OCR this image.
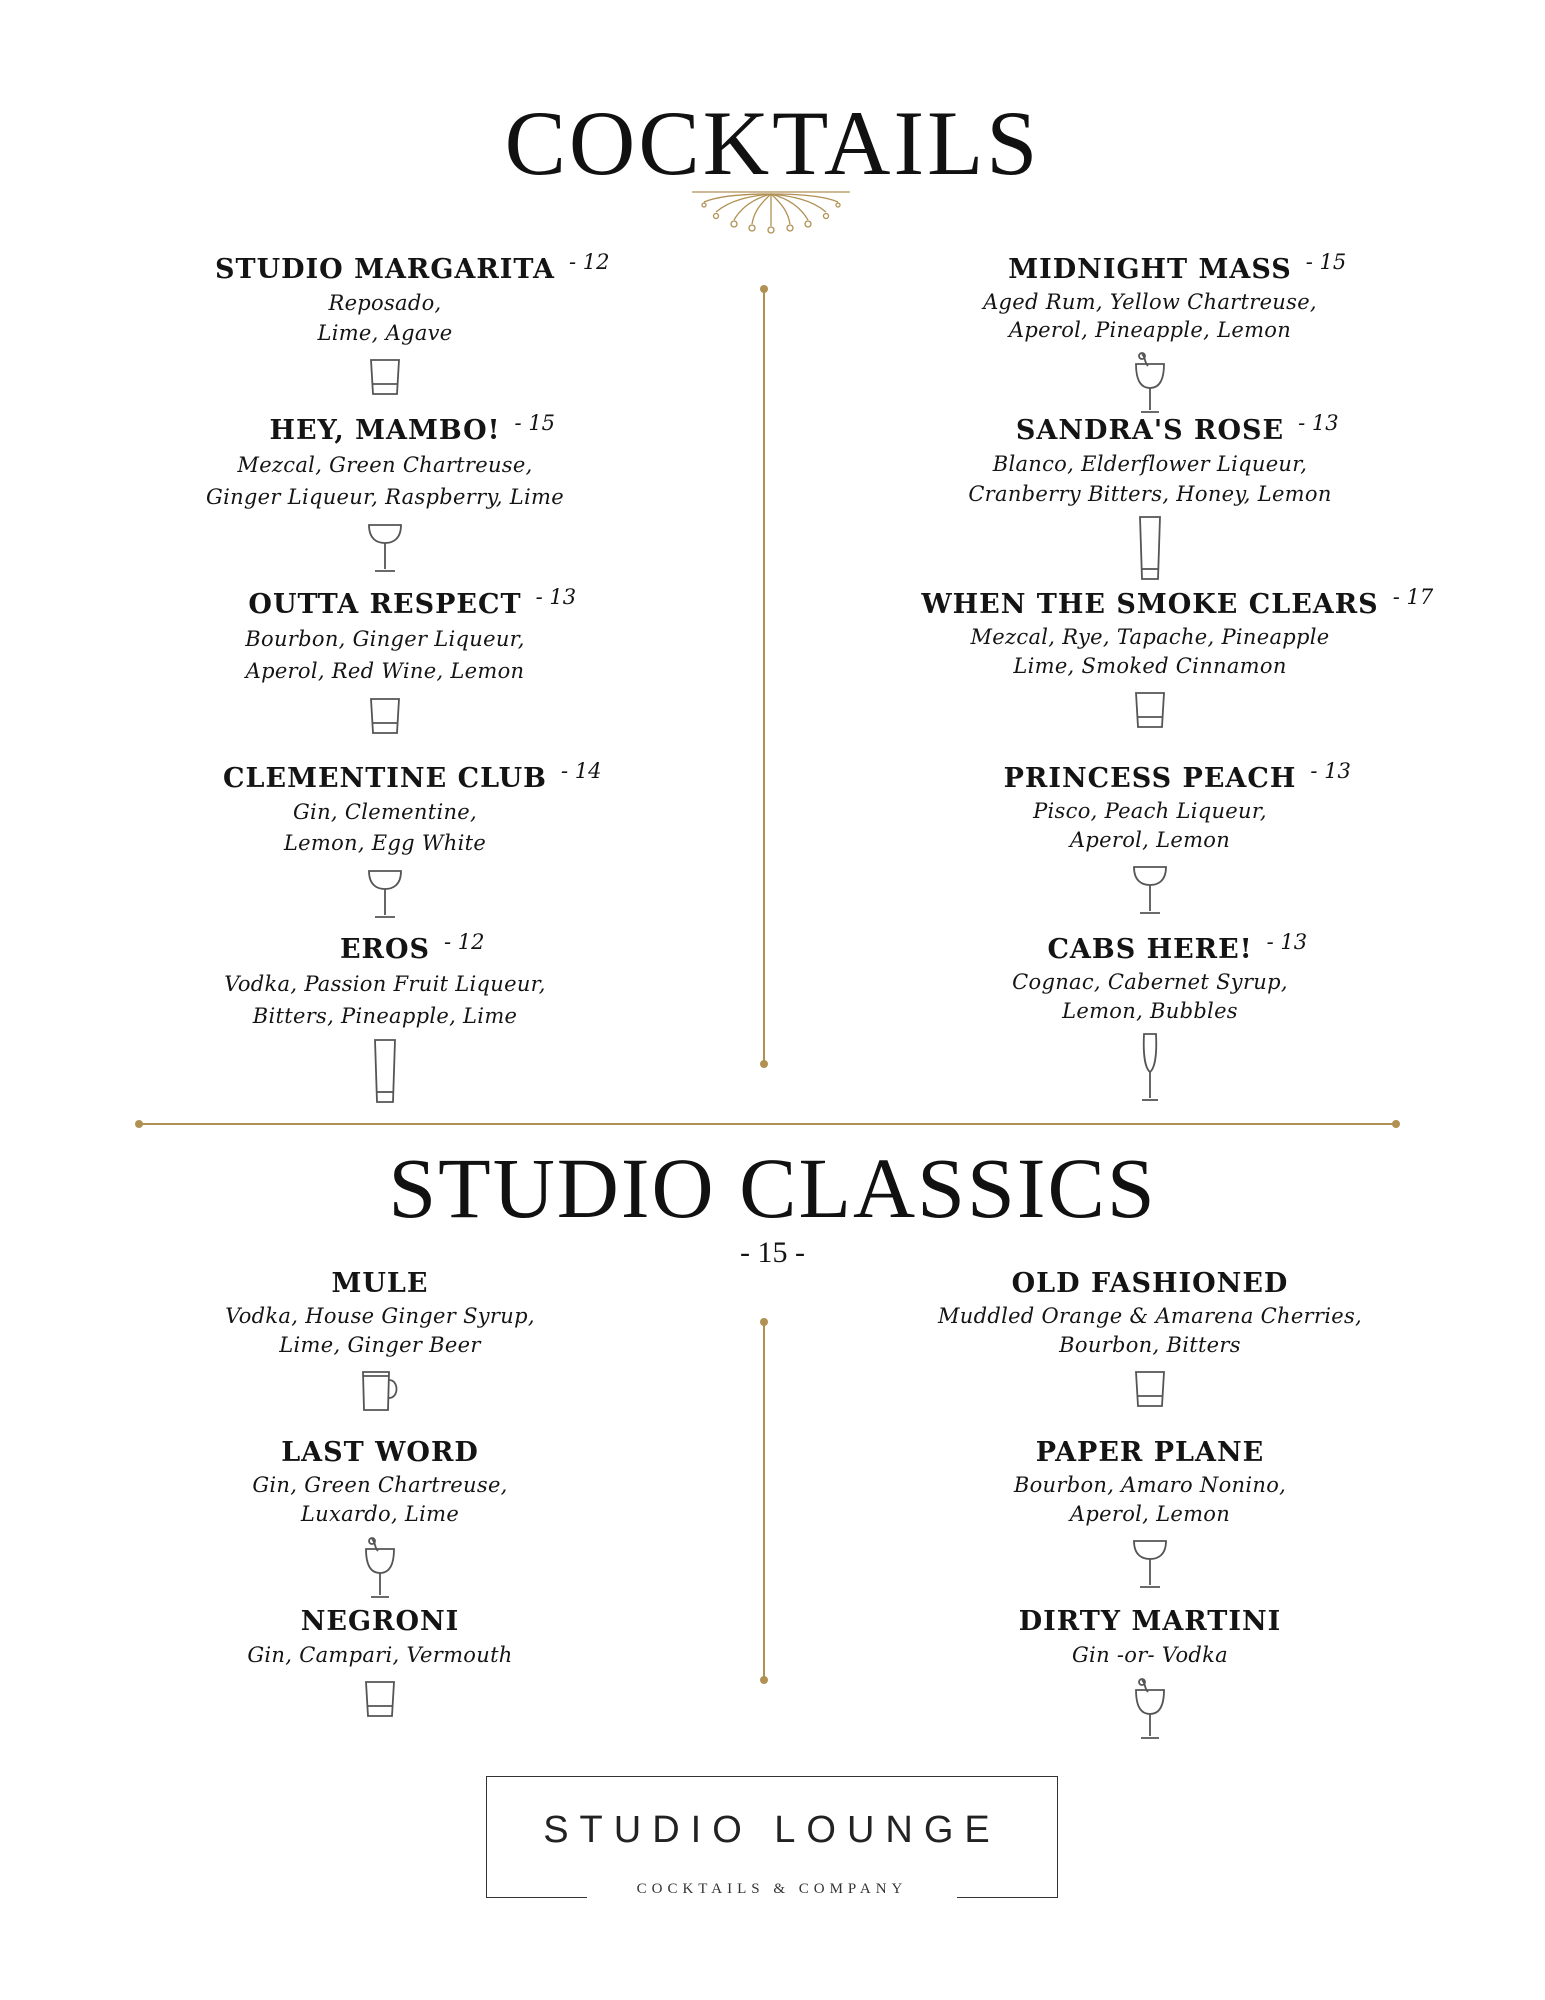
COCKTAILS
STUDIO MARGARITA - 12
Reposado,
Lime, Agave
MIDNIGHT MASS - 15
Aged Rum, Yellow Chartreuse,
Aperol, Pineapple, Lemon
HEY, MAMBO! - 15
Mezcal, Green Chartreuse,
Ginger Liqueur, Raspberry, Lime
SANDRA'S ROSE - 13
Blanco, Elderflower Liqueur,
Cranberry Bitters, Honey, Lemon
OUTTA RESPECT - 13
Bourbon, Ginger Liqueur,
Aperol, Red Wine, Lemon
WHEN THE SMOKE CLEARS - 17
Mezcal, Rye, Tapache, Pineapple
Lime, Smoked Cinnamon
CLEMENTINE CLUB - 14
Gin, Clementine,
Lemon, Egg White
PRINCESS PEACH - 13
Pisco, Peach Liqueur,
Aperol, Lemon
EROS - 12
Vodka, Passion Fruit Liqueur,
Bitters, Pineapple, Lime
CABS HERE! - 13
Cognac, Cabernet Syrup,
Lemon, Bubbles
STUDIO CLASSICS
- 15 -
MULE
Vodka, House Ginger Syrup,
Lime, Ginger Beer
OLD FASHIONED
Muddled Orange & Amarena Cherries,
Bourbon, Bitters
LAST WORD
Gin, Green Chartreuse,
Luxardo, Lime
PAPER PLANE
Bourbon, Amaro Nonino,
Aperol, Lemon
NEGRONI
Gin, Campari, Vermouth
DIRTY MARTINI
Gin -or- Vodka
STUDIO LOUNGE
COCKTAILS & COMPANY
